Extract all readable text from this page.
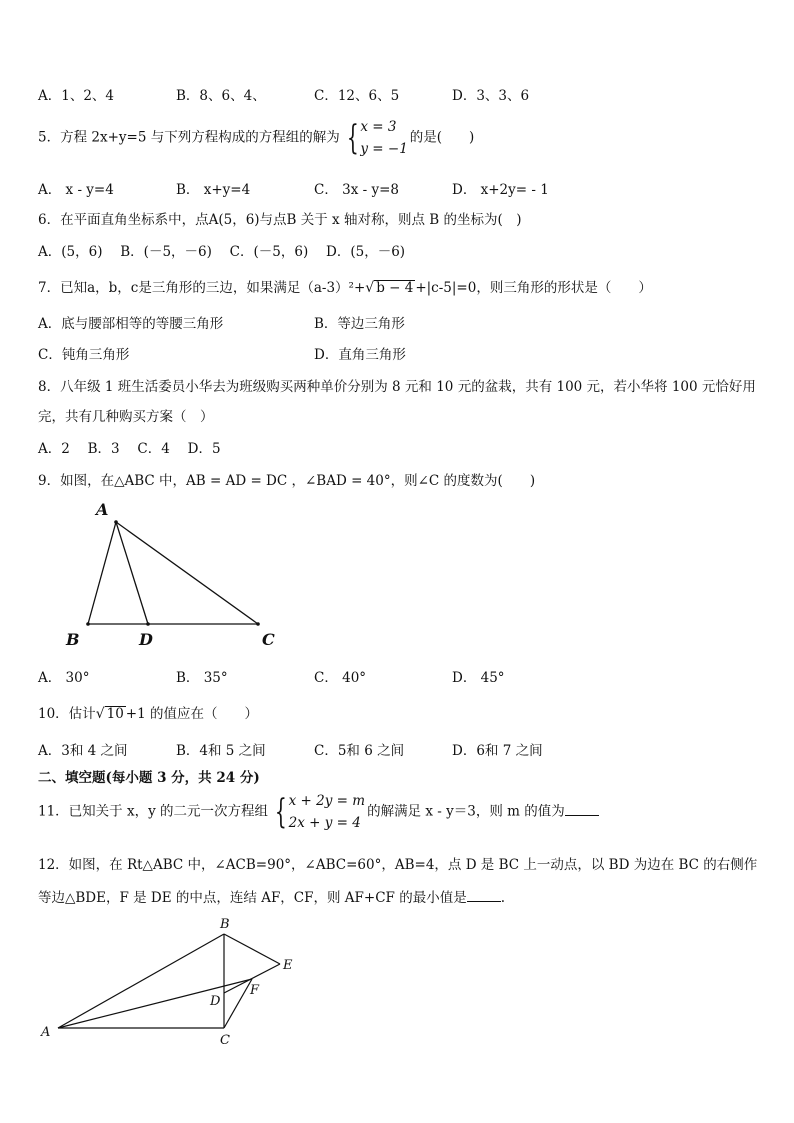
A．1、2、4	B．8、6、4、	C．12、6、5	D．3、3、6
5．方程 2x+y=5 与下列方程构成的方程组的解为 { x = 3
y = −1
的是(　　)
A． x - y=4	B． x+y=4	C． 3x - y=8	D． x+2y= - 1
6．在平面直角坐标系中，点A(5，6)与点B 关于 x 轴对称，则点 B 的坐标为(　)
A．(5，6)　 B．(－5，－6)　 C．(－5，6)　 D．(5，－6)
7．已知a，b，c是三角形的三边，如果满足（a-3）²+√ b − 4 +|c-5|=0，则三角形的形状是（　　）
A．底与腰部相等的等腰三角形	B．等边三角形
C．钝角三角形	D．直角三角形
8．八年级 1 班生活委员小华去为班级购买两种单价分别为 8 元和 10 元的盆栽，共有 100 元，若小华将 100 元恰好用
完，共有几种购买方案（　）
A．2　 B．3　 C．4　 D．5
9．如图，在△ABC 中，AB = AD = DC ，∠BAD = 40°，则∠C 的度数为(　　)
A
B	D	C
A． 30°	B． 35°	C． 40°	D． 45°
10．估计√ 10 +1 的值应在（　　）
A．3和 4 之间	B．4和 5 之间	C．5和 6 之间	D．6和 7 之间
二、填空题(每小题 3 分，共 24 分)
11．已知关于 x，y 的二元一次方程组 { x + 2y = m
2x + y = 4
的解满足 x - y＝3，则 m 的值为
12．如图，在 Rt△ABC 中，∠ACB=90°，∠ABC=60°，AB=4，点 D 是 BC 上一动点，以 BD 为边在 BC 的右侧作
等边△BDE，F 是 DE 的中点，连结 AF，CF，则 AF+CF 的最小值是	.
B
E
F
D
A
C
